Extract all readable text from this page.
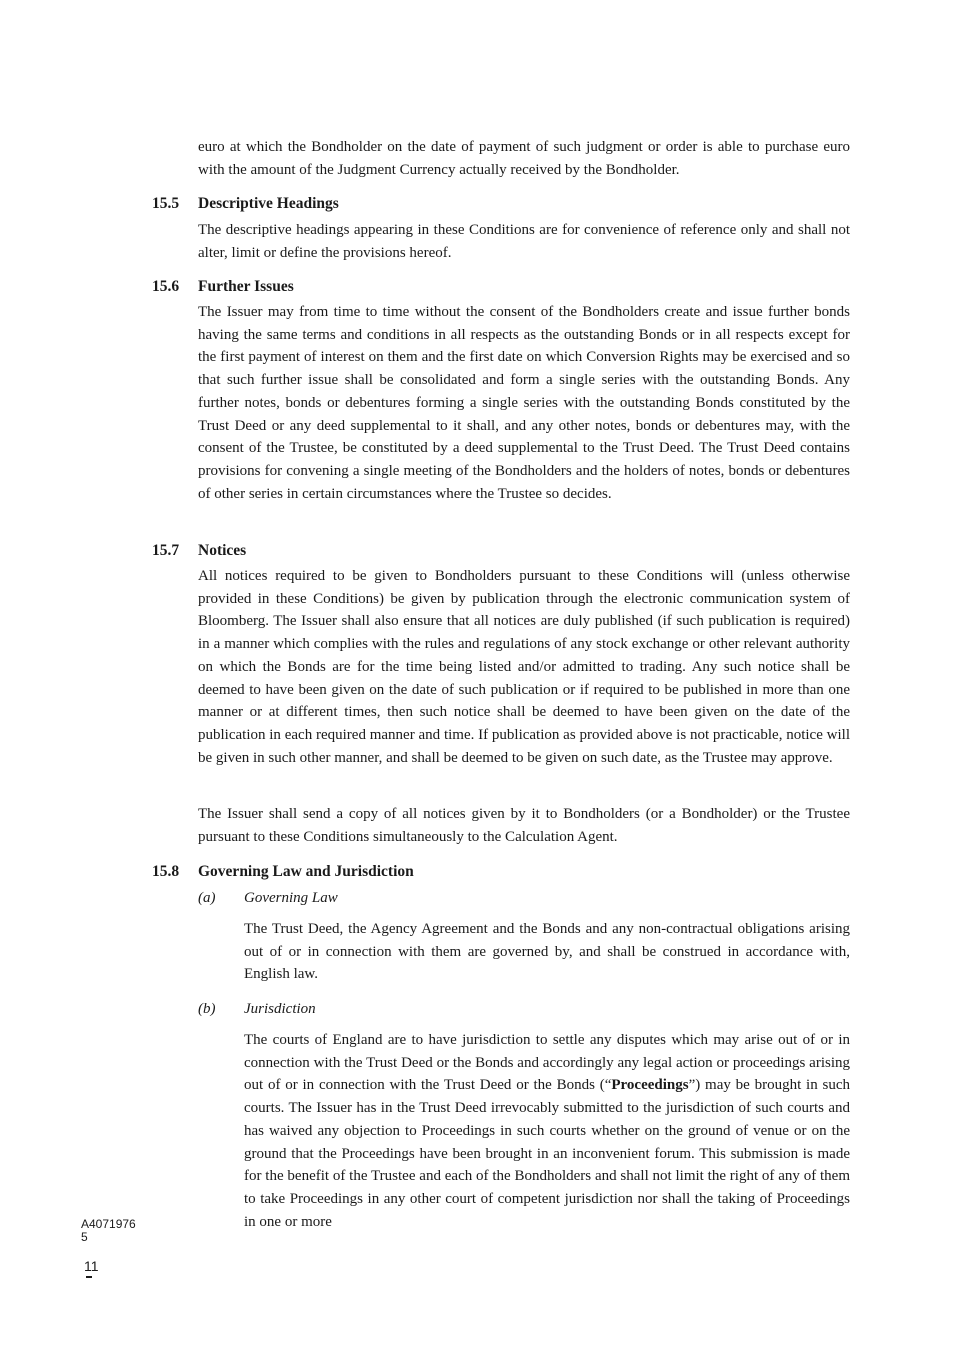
euro at which the Bondholder on the date of payment of such judgment or order is able to purchase euro with the amount of the Judgment Currency actually received by the Bondholder.

15.5 Descriptive Headings

The descriptive headings appearing in these Conditions are for convenience of reference only and shall not alter, limit or define the provisions hereof.

15.6 Further Issues

The Issuer may from time to time without the consent of the Bondholders create and issue further bonds having the same terms and conditions in all respects as the outstanding Bonds or in all respects except for the first payment of interest on them and the first date on which Conversion Rights may be exercised and so that such further issue shall be consolidated and form a single series with the outstanding Bonds. Any further notes, bonds or debentures forming a single series with the outstanding Bonds constituted by the Trust Deed or any deed supplemental to it shall, and any other notes, bonds or debentures may, with the consent of the Trustee, be constituted by a deed supplemental to the Trust Deed. The Trust Deed contains provisions for convening a single meeting of the Bondholders and the holders of notes, bonds or debentures of other series in certain circumstances where the Trustee so decides.

15.7 Notices

All notices required to be given to Bondholders pursuant to these Conditions will (unless otherwise provided in these Conditions) be given by publication through the electronic communication system of Bloomberg. The Issuer shall also ensure that all notices are duly published (if such publication is required) in a manner which complies with the rules and regulations of any stock exchange or other relevant authority on which the Bonds are for the time being listed and/or admitted to trading. Any such notice shall be deemed to have been given on the date of such publication or if required to be published in more than one manner or at different times, then such notice shall be deemed to have been given on the date of the publication in each required manner and time. If publication as provided above is not practicable, notice will be given in such other manner, and shall be deemed to be given on such date, as the Trustee may approve.

The Issuer shall send a copy of all notices given by it to Bondholders (or a Bondholder) or the Trustee pursuant to these Conditions simultaneously to the Calculation Agent.

15.8 Governing Law and Jurisdiction
(a) Governing Law

The Trust Deed, the Agency Agreement and the Bonds and any non-contractual obligations arising out of or in connection with them are governed by, and shall be construed in accordance with, English law.

(b) Jurisdiction

The courts of England are to have jurisdiction to settle any disputes which may arise out of or in connection with the Trust Deed or the Bonds and accordingly any legal action or proceedings arising out of or in connection with the Trust Deed or the Bonds (“Proceedings”) may be brought in such courts. The Issuer has in the Trust Deed irrevocably submitted to the jurisdiction of such courts and has waived any objection to Proceedings in such courts whether on the ground of venue or on the ground that the Proceedings have been brought in an inconvenient forum. This submission is made for the benefit of the Trustee and each of the Bondholders and shall not limit the right of any of them to take Proceedings in any other court of competent jurisdiction nor shall the taking of Proceedings in one or more

A4071976
5
11
